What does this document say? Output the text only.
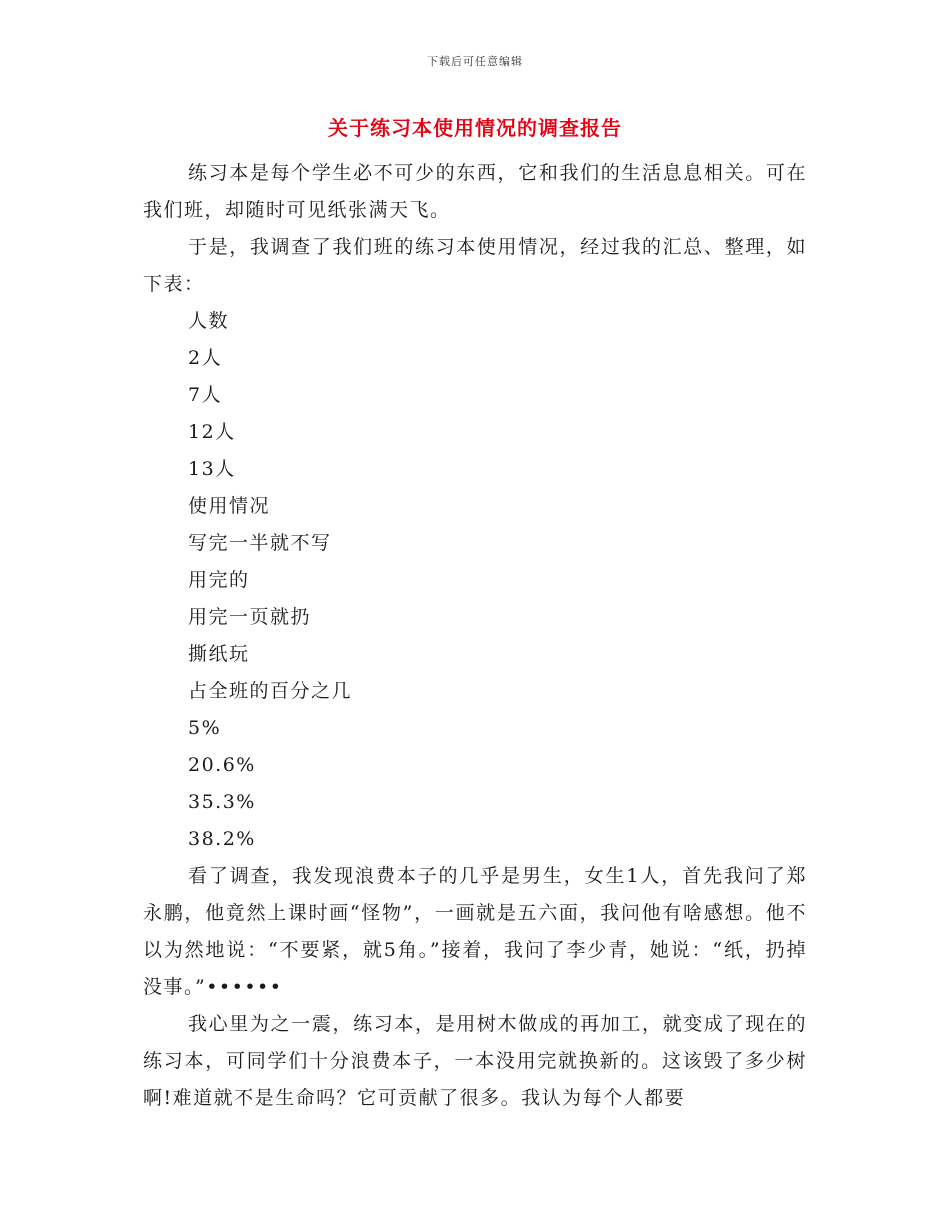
下载后可任意编辑
关于练习本使用情况的调查报告

练习本是每个学生必不可少的东西，它和我们的生活息息相关。可在我们班，却随时可见纸张满天飞。

于是，我调查了我们班的练习本使用情况，经过我的汇总、整理，如下表：

人数
2人
7人
12人
13人
使用情况
写完一半就不写
用完的
用完一页就扔
撕纸玩
占全班的百分之几
5%
20.6%
35.3%
38.2%

看了调查，我发现浪费本子的几乎是男生，女生1人，首先我问了郑永鹏，他竟然上课时画“怪物”，一画就是五六面，我问他有啥感想。他不以为然地说：“不要紧，就5角。”接着，我问了李少青，她说：“纸，扔掉没事。”••••••

我心里为之一震，练习本，是用树木做成的再加工，就变成了现在的练习本，可同学们十分浪费本子，一本没用完就换新的。这该毁了多少树啊!难道就不是生命吗？它可贡献了很多。我认为每个人都要
